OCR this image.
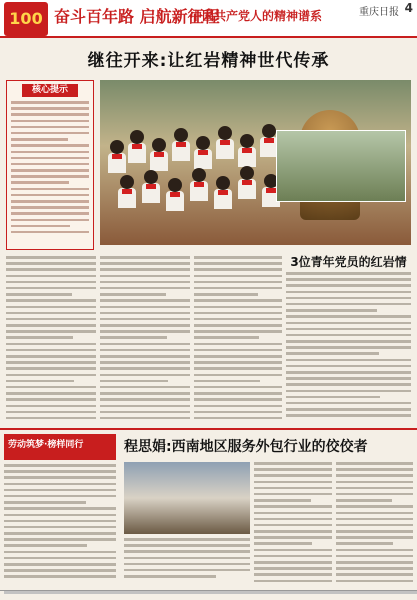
100 奋斗百年路 启航新征程
中国共产党人的精神谱系	重庆日报 4
继往开来:让红岩精神世代传承
核心提示
3位青年党员的红岩情
劳动筑梦·榜样同行	程思娟:西南地区服务外包行业的佼佼者
